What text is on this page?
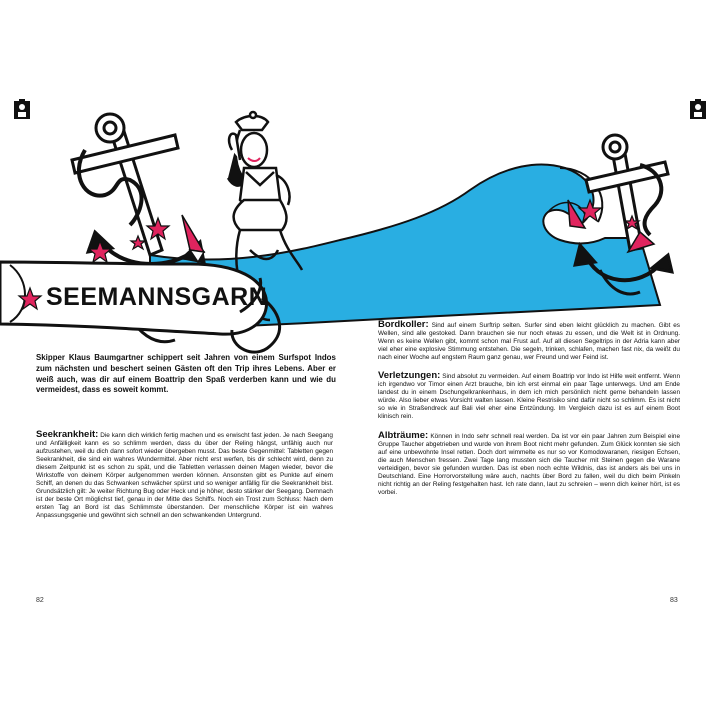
SEEMANNSGARN

Skipper Klaus Baumgartner schippert seit Jahren von einem Surfspot Indos zum nächsten und beschert seinen Gästen oft den Trip ihres Lebens. Aber er weiß auch, was dir auf einem Boattrip den Spaß verderben kann und wie du vermeidest, dass es soweit kommt.

Seekrankheit: Die kann dich wirklich fertig machen und es erwischt fast jeden. Je nach Seegang und Anfälligkeit kann es so schlimm werden, dass du über der Reling hängst, unfähig auch nur aufzustehen, weil du dich dann sofort wieder übergeben musst. Das beste Gegenmittel: Tabletten gegen Seekrankheit, die sind ein wahres Wundermittel. Aber nicht erst werfen, bis dir schlecht wird, denn zu diesem Zeitpunkt ist es schon zu spät, und die Tabletten verlassen deinen Magen wieder, bevor die Wirkstoffe von deinem Körper aufgenommen werden können. Ansonsten gibt es Punkte auf einem Schiff, an denen du das Schwanken schwächer spürst und so weniger anfällig für die Seekrankheit bist. Grundsätzlich gilt: Je weiter Richtung Bug oder Heck und je höher, desto stärker der Seegang. Demnach ist der beste Ort möglichst tief, genau in der Mitte des Schiffs. Noch ein Trost zum Schluss: Nach dem ersten Tag an Bord ist das Schlimmste überstanden. Der menschliche Körper ist ein wahres Anpassungsgenie und gewöhnt sich schnell an den schwankenden Untergrund.

Bordkoller: Sind auf einem Surftrip selten. Surfer sind eben leicht glücklich zu machen. Gibt es Wellen, sind alle gestoked. Dann brauchen sie nur noch etwas zu essen, und die Welt ist in Ordnung. Wenn es keine Wellen gibt, kommt schon mal Frust auf. Auf all diesen Segeltrips in der Adria kann aber viel eher eine explosive Stimmung entstehen. Die segeln, trinken, schlafen, machen fast nix, da weißt du nach einer Woche auf engstem Raum ganz genau, wer Freund und wer Feind ist.

Verletzungen: Sind absolut zu vermeiden. Auf einem Boattrip vor Indo ist Hilfe weit entfernt. Wenn ich irgendwo vor Timor einen Arzt brauche, bin ich erst einmal ein paar Tage unterwegs. Und am Ende landest du in einem Dschungelkrankenhaus, in dem ich mich persönlich nicht gerne behandeln lassen würde. Also lieber etwas Vorsicht walten lassen. Kleine Restrisiko sind dafür nicht so schlimm. Es ist nicht so wie in Straßendreck auf Bali viel eher eine Entzündung. Im Vergleich dazu ist es auf einem Boot klinisch rein.

Albträume: Können in Indo sehr schnell real werden. Da ist vor ein paar Jahren zum Beispiel eine Gruppe Taucher abgetrieben und wurde von ihrem Boot nicht mehr gefunden. Zum Glück konnten sie sich auf eine unbewohnte Insel retten. Doch dort wimmelte es nur so vor Komodowaranen, riesigen Echsen, die auch Menschen fressen. Zwei Tage lang mussten sich die Taucher mit Steinen gegen die Warane verteidigen, bevor sie gefunden wurden. Das ist eben noch echte Wildnis, das ist anders als bei uns in Deutschland. Eine Horrorvorstellung wäre auch, nachts über Bord zu fallen, weil du dich beim Pinkeln nicht richtig an der Reling festgehalten hast. Ich rate dann, laut zu schreien – wenn dich keiner hört, ist es vorbei.

82	83
